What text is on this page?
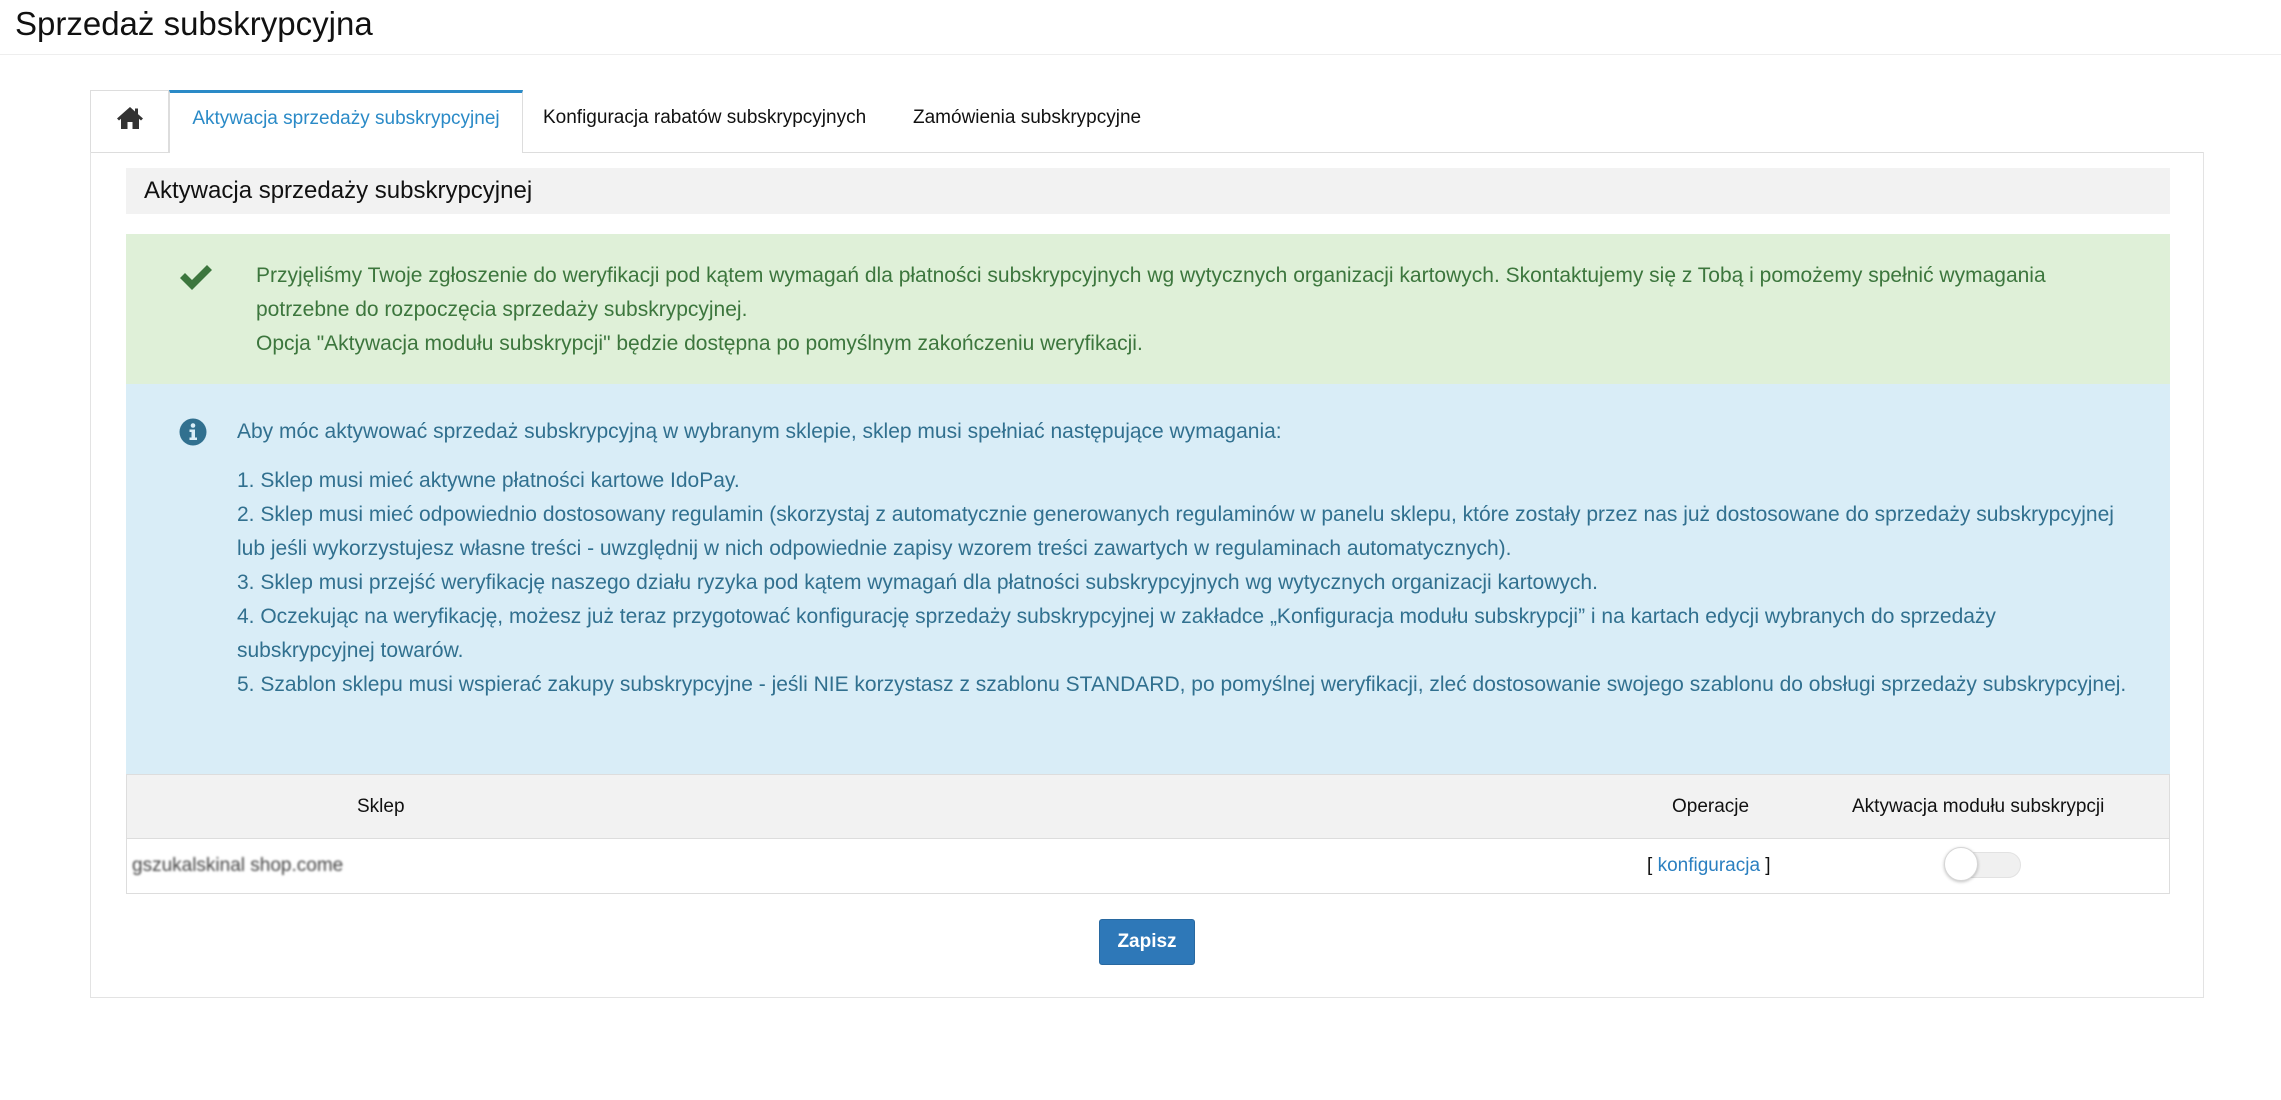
Sprzedaż subskrypcyjna
Aktywacja sprzedaży subskrypcyjnej	Konfiguracja rabatów subskrypcyjnych Zamówienia subskrypcyjne
Aktywacja sprzedaży subskrypcyjnej
Przyjęliśmy Twoje zgłoszenie do weryfikacji pod kątem wymagań dla płatności subskrypcyjnych wg wytycznych organizacji kartowych. Skontaktujemy się z Tobą i pomożemy spełnić wymagania potrzebne do rozpoczęcia sprzedaży subskrypcyjnej.
Opcja "Aktywacja modułu subskrypcji" będzie dostępna po pomyślnym zakończeniu weryfikacji.
Aby móc aktywować sprzedaż subskrypcyjną w wybranym sklepie, sklep musi spełniać następujące wymagania:
1. Sklep musi mieć aktywne płatności kartowe IdoPay.
2. Sklep musi mieć odpowiednio dostosowany regulamin (skorzystaj z automatycznie generowanych regulaminów w panelu sklepu, które zostały przez nas już dostosowane do sprzedaży subskrypcyjnej lub jeśli wykorzystujesz własne treści - uwzględnij w nich odpowiednie zapisy wzorem treści zawartych w regulaminach automatycznych).
3. Sklep musi przejść weryfikację naszego działu ryzyka pod kątem wymagań dla płatności subskrypcyjnych wg wytycznych organizacji kartowych.
4. Oczekując na weryfikację, możesz już teraz przygotować konfigurację sprzedaży subskrypcyjnej w zakładce „Konfiguracja modułu subskrypcji” i na kartach edycji wybranych do sprzedaży subskrypcyjnej towarów.
5. Szablon sklepu musi wspierać zakupy subskrypcyjne - jeśli NIE korzystasz z szablonu STANDARD, po pomyślnej weryfikacji, zleć dostosowanie swojego szablonu do obsługi sprzedaży subskrypcyjnej.
Sklep	Operacje	Aktywacja modułu subskrypcji
gszukalskinal shop.come	[ konfiguracja ]
Zapisz
